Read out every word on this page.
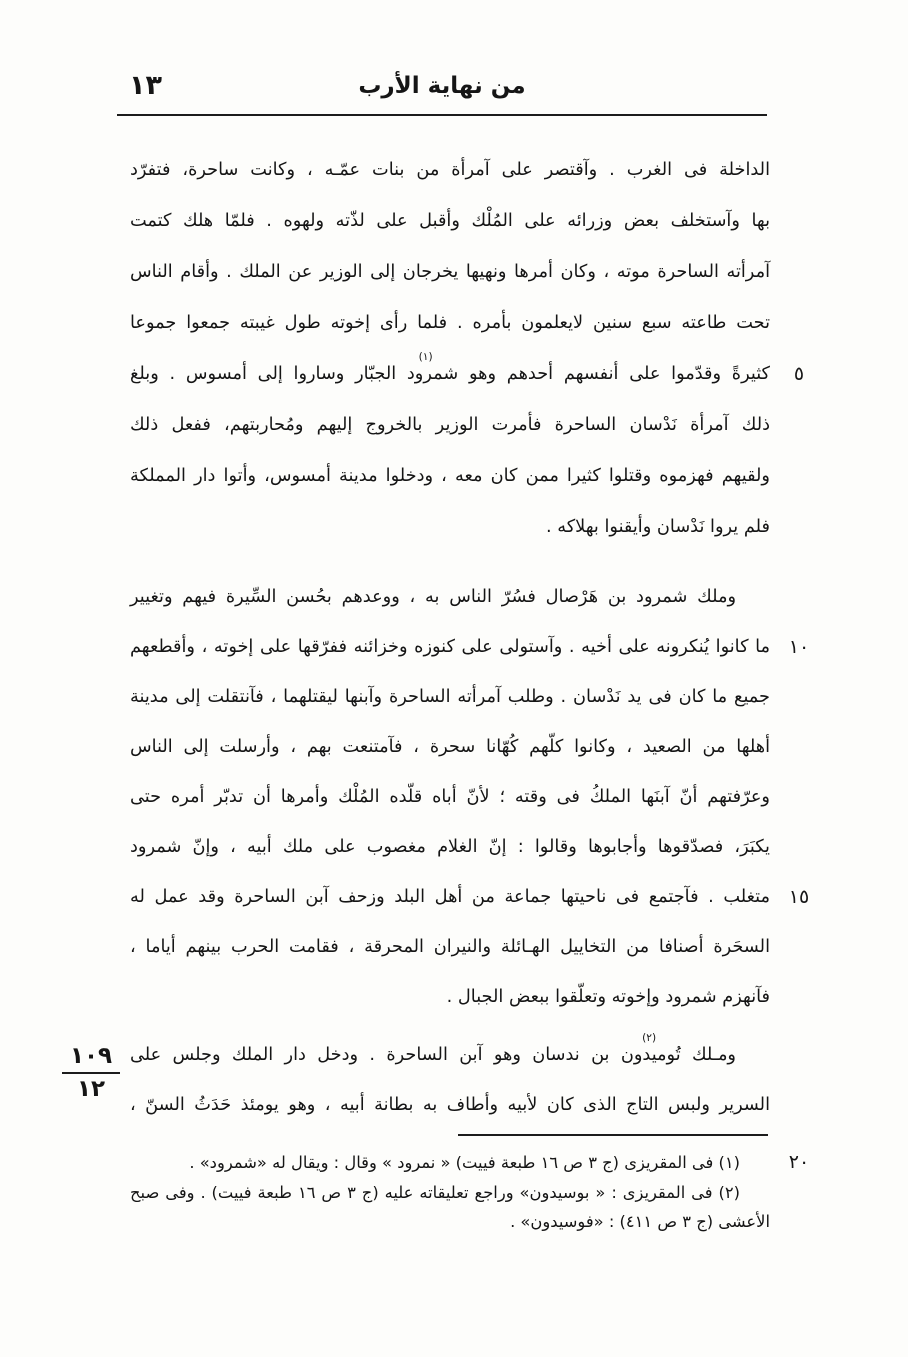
من نهاية الأرب
١٣
الداخلة فى الغرب . وآقتصر على آمرأة من بنات عمّـه ، وكانت ساحرة، فتفرّد
بها وآستخلف بعض وزرائه على المُلْك وأقبل على لذّته ولهوه . فلمّا هلك كتمت
آمرأته الساحرة موته ، وكان أمرها ونهيها يخرجان إلى الوزير عن الملك . وأقام الناس
تحت طاعته سبع سنين لايعلمون بأمره . فلما رأى إخوته طول غيبته جمعوا جموعا
كثيرةً وقدّموا على أنفسهم أحدهم وهو شمرود
(١)
الجبّار وساروا إلى أمسوس . وبلغ	٥
ذلك آمرأة نَدْسان الساحرة فأمرت الوزير بالخروج إليهم ومُحاربتهم، ففعل ذلك
ولقيهم فهزموه وقتلوا كثيرا ممن كان معه ، ودخلوا مدينة أمسوس، وأتوا دار المملكة
فلم يروا نَدْسان وأيقنوا بهلاكه .
وملك شمرود بن هَرْصال فسُرّ الناس به ، ووعدهم بحُسن السِّيرة فيهم وتغيير
ما كانوا يُنكرونه على أخيه . وآستولى على كنوزه وخزائنه ففرّقها على إخوته ، وأقطعهم ١٠
جميع ما كان فى يد نَدْسان . وطلب آمرأته الساحرة وآبنها ليقتلهما ، فآنتقلت إلى مدينة
أهلها من الصعيد ، وكانوا كلّهم كُهّانا سحرة ، فآمتنعت بهم ، وأرسلت إلى الناس
وعرّفتهم أنّ آبنَها الملكُ فى وقته ؛ لأنّ أباه قلّده المُلْك وأمرها أن تدبّر أمره حتى
يكبَرَ، فصدّقوها وأجابوها وقالوا : إنّ الغلام مغصوب على ملك أبيه ، وإنّ شمرود
متغلب . فآجتمع فى ناحيتها جماعة من أهل البلد وزحف آبن الساحرة وقد عمل له ١٥
السحَرة أصنافا من التخاييل الهـائلة والنيران المحرقة ، فقامت الحرب بينهم أياما ،
فآنهزم شمرود وإخوته وتعلّقوا ببعض الجبال .
ومـلك تُوميدون
(٢)
بن ندسان وهو آبن الساحرة . ودخل دار الملك وجلس على
السرير ولبس التاج الذى كان لأبيه وأطاف به بطانة أبيه ، وهو يومئذ حَدَثُ السنّ ،
١٠٩
١٢
(١) فى المقريزى (ج ٣ ص ١٦ طبعة فييت) « نمرود » وقال : ويقال له «شمرود» .	٢٠
(٢) فى المقريزى : « بوسيدون» وراجع تعليقاته عليه (ج ٣ ص ١٦ طبعة فييت) . وفى صبح
الأعشى (ج ٣ ص ٤١١) : «فوسيدون» .
